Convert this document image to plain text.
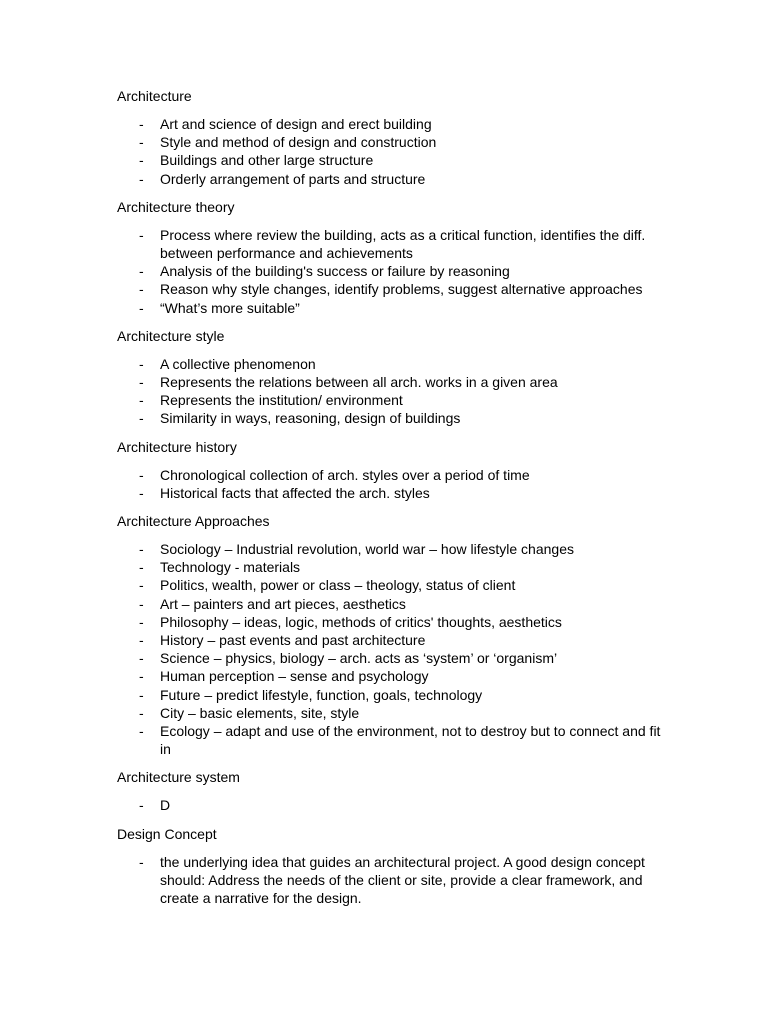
Architecture

- Art and science of design and erect building
- Style and method of design and construction
- Buildings and other large structure
- Orderly arrangement of parts and structure

Architecture theory

- Process where review the building, acts as a critical function, identifies the diff. between performance and achievements
- Analysis of the building's success or failure by reasoning
- Reason why style changes, identify problems, suggest alternative approaches
- “What’s more suitable”

Architecture style

- A collective phenomenon
- Represents the relations between all arch. works in a given area
- Represents the institution/ environment
- Similarity in ways, reasoning, design of buildings

Architecture history

- Chronological collection of arch. styles over a period of time
- Historical facts that affected the arch. styles

Architecture Approaches

- Sociology – Industrial revolution, world war – how lifestyle changes
- Technology - materials
- Politics, wealth, power or class – theology, status of client
- Art – painters and art pieces, aesthetics
- Philosophy – ideas, logic, methods of critics' thoughts, aesthetics
- History – past events and past architecture
- Science – physics, biology – arch. acts as ‘system’ or ‘organism’
- Human perception – sense and psychology
- Future – predict lifestyle, function, goals, technology
- City – basic elements, site, style
- Ecology – adapt and use of the environment, not to destroy but to connect and fit in

Architecture system

- D

Design Concept

- the underlying idea that guides an architectural project. A good design concept should: Address the needs of the client or site, provide a clear framework, and create a narrative for the design.
